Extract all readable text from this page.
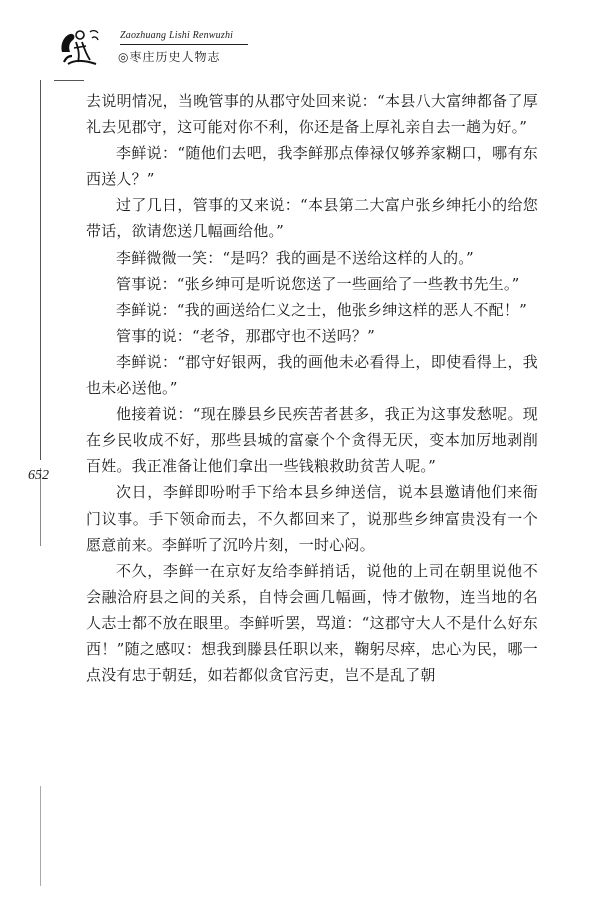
Zaozhuang Lishi Renwuzhi
◎枣庄历史人物志
652

去说明情况，当晚管事的从郡守处回来说：“本县八大富绅都备了厚礼去见郡守，这可能对你不利，你还是备上厚礼亲自去一趟为好。”

李鲜说：“随他们去吧，我李鲜那点俸禄仅够养家糊口，哪有东西送人？”

过了几日，管事的又来说：“本县第二大富户张乡绅托小的给您带话，欲请您送几幅画给他。”

李鲜微微一笑：“是吗？我的画是不送给这样的人的。”

管事说：“张乡绅可是听说您送了一些画给了一些教书先生。”

李鲜说：“我的画送给仁义之士，他张乡绅这样的恶人不配！”

管事的说：“老爷，那郡守也不送吗？”

李鲜说：“郡守好银两，我的画他未必看得上，即使看得上，我也未必送他。”

他接着说：“现在滕县乡民疾苦者甚多，我正为这事发愁呢。现在乡民收成不好，那些县城的富豪个个贪得无厌，变本加厉地剥削百姓。我正准备让他们拿出一些钱粮救助贫苦人呢。”

次日，李鲜即吩咐手下给本县乡绅送信，说本县邀请他们来衙门议事。手下领命而去，不久都回来了，说那些乡绅富贵没有一个愿意前来。李鲜听了沉吟片刻，一时心闷。

不久，李鲜一在京好友给李鲜捎话，说他的上司在朝里说他不会融洽府县之间的关系，自恃会画几幅画，恃才傲物，连当地的名人志士都不放在眼里。李鲜听罢，骂道：“这郡守大人不是什么好东西！”随之感叹：想我到滕县任职以来，鞠躬尽瘁，忠心为民，哪一点没有忠于朝廷，如若都似贪官污吏，岂不是乱了朝
